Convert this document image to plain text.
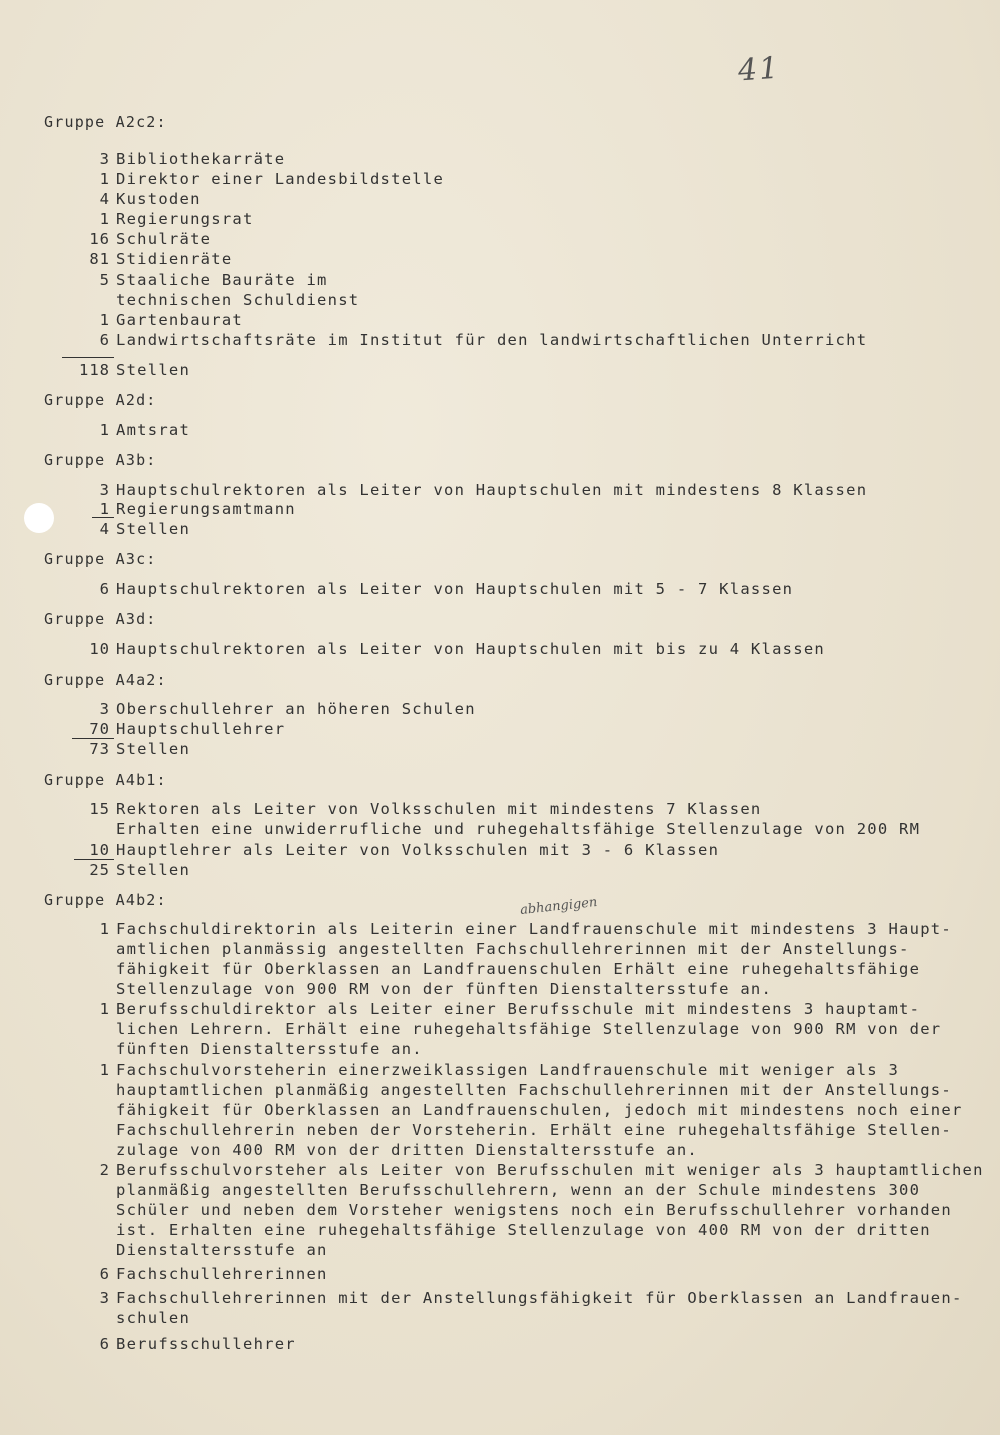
41
abhangigen
Gruppe A2c2:
3 Bibliothekarräte
1 Direktor einer Landesbildstelle
4 Kustoden
1 Regierungsrat
16 Schulräte
81 Stidienräte
5 Staaliche Bauräte im
technischen Schuldienst
1 Gartenbaurat
6 Landwirtschaftsräte im Institut für den landwirtschaftlichen Unterricht
118 Stellen
Gruppe A2d:
1 Amtsrat
Gruppe A3b:
3 Hauptschulrektoren als Leiter von Hauptschulen mit mindestens 8 Klassen
1 Regierungsamtmann
4 Stellen
Gruppe A3c:
6 Hauptschulrektoren als Leiter von Hauptschulen mit 5 - 7 Klassen
Gruppe A3d:
10 Hauptschulrektoren als Leiter von Hauptschulen mit bis zu 4 Klassen
Gruppe A4a2:
3 Oberschullehrer an höheren Schulen
70 Hauptschullehrer
73 Stellen
Gruppe A4b1:
15 Rektoren als Leiter von Volksschulen mit mindestens 7 Klassen
Erhalten eine unwiderrufliche und ruhegehaltsfähige Stellenzulage von 200 RM
10 Hauptlehrer als Leiter von Volksschulen mit 3 - 6 Klassen
25 Stellen
Gruppe A4b2:
1 Fachschuldirektorin als Leiterin einer Landfrauenschule mit mindestens 3 Haupt-
amtlichen planmässig angestellten Fachschullehrerinnen mit der Anstellungs-
fähigkeit für Oberklassen an Landfrauenschulen Erhält eine ruhegehaltsfähige
Stellenzulage von 900 RM von der fünften Dienstaltersstufe an.
1 Berufsschuldirektor als Leiter einer Berufsschule mit mindestens 3 hauptamt-
lichen Lehrern. Erhält eine ruhegehaltsfähige Stellenzulage von 900 RM von der
fünften Dienstaltersstufe an.
1 Fachschulvorsteherin einerzweiklassigen Landfrauenschule mit weniger als 3
hauptamtlichen planmäßig angestellten Fachschullehrerinnen mit der Anstellungs-
fähigkeit für Oberklassen an Landfrauenschulen, jedoch mit mindestens noch einer
Fachschullehrerin neben der Vorsteherin. Erhält eine ruhegehaltsfähige Stellen-
zulage von 400 RM von der dritten Dienstaltersstufe an.
2 Berufsschulvorsteher als Leiter von Berufsschulen mit weniger als 3 hauptamtlichen
planmäßig angestellten Berufsschullehrern, wenn an der Schule mindestens 300
Schüler und neben dem Vorsteher wenigstens noch ein Berufsschullehrer vorhanden
ist. Erhalten eine ruhegehaltsfähige Stellenzulage von 400 RM von der dritten
Dienstaltersstufe an
6 Fachschullehrerinnen
3 Fachschullehrerinnen mit der Anstellungsfähigkeit für Oberklassen an Landfrauen-
schulen
6 Berufsschullehrer
